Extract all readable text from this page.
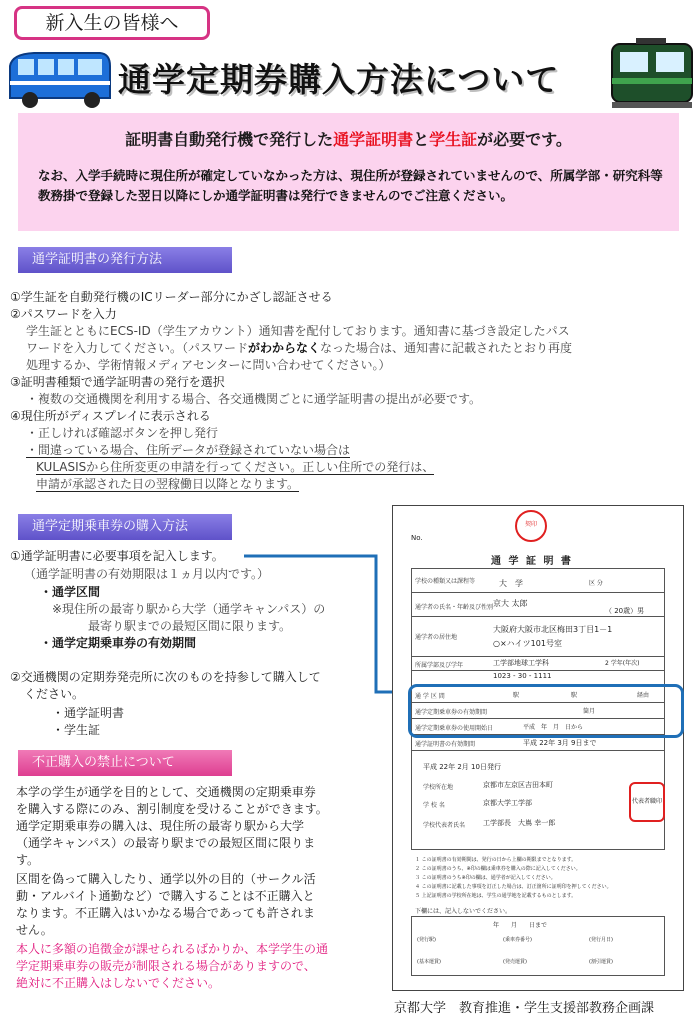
新入生の皆様へ
通学定期券購入方法について
証明書自動発行機で発行した通学証明書と学生証が必要です。
なお、入学手続時に現住所が確定していなかった方は、現住所が登録されていませんので、所属学部・研究科等教務掛で登録した翌日以降にしか通学証明書は発行できませんのでご注意ください。
通学証明書の発行方法
①学生証を自動発行機のICリーダー部分にかざし認証させる
②パスワードを入力
学生証とともにECS-ID（学生アカウント）通知書を配付しております。通知書に基づき設定したパス
ワードを入力してください。（パスワードがわからなくなった場合は、通知書に記載されたとおり再度
処理するか、学術情報メディアセンターに問い合わせてください。）
③証明書種類で通学証明書の発行を選択
・複数の交通機関を利用する場合、各交通機関ごとに通学証明書の提出が必要です。
④現住所がディスプレイに表示される
・正しければ確認ボタンを押し発行
・間違っている場合、住所データが登録されていない場合は
KULASISから住所変更の申請を行ってください。正しい住所での発行は、
申請が承認された日の翌稼働日以降となります。
通学定期乗車券の購入方法
①通学証明書に必要事項を記入します。
（通学証明書の有効期限は１ヵ月以内です。）
・通学区間
※現住所の最寄り駅から大学（通学キャンパス）の
最寄り駅までの最短区間に限ります。
・通学定期乗車券の有効期間
②交通機関の定期券発売所に次のものを持参して購入して
ください。
・通学証明書
・学生証
不正購入の禁止について
本学の学生が通学を目的として、交通機関の定期乗車券
を購入する際にのみ、割引制度を受けることができます。
通学定期乗車券の購入は、現住所の最寄り駅から大学
（通学キャンパス）の最寄り駅までの最短区間に限りま
す。
区間を偽って購入したり、通学以外の目的（サークル活
動・アルバイト通勤など）で購入することは不正購入と
なります。不正購入はいかなる場合であっても許されま
せん。
本人に多額の追徴金が課せられるばかりか、本学学生の通
学定期乗車券の販売が制限される場合がありますので、
絶対に不正購入はしないでください。
No.
契印
通 学 証 明 書
学校の種類又は課程等	大　学	区 分
通学者の氏名・年齢及び性別 京大 太郎
（ 20歳）男
通学者の居住地
大阪府大阪市北区梅田3丁目1－1
○×ハイツ101号室
所属学部及び学年	工学部地球工学科	2 学年(年次)
1023 - 30 - 1111
通 学 区 間	駅	駅	経由
通学定期乗車券の有効期間	箇月
通学定期乗車券の使用開始日	平成　年　月　日から
通学証明書の有効期間	平成 22年 3月 9日まで
平成 22年 2月 10日発行
学校所在地	京都市左京区吉田本町
学 校 名	京都大学工学部
学校代表者氏名	工学部長　大嶌 幸一郎
代表者職印
１ この証明書の有効期間は、発行の日から上欄の期限までとなります。
２ この証明書のうち、※印の欄は乗車券を購入の際に記入してください。
３ この証明書のうち※印の欄は、通学者が記入してください。
４ この証明書に記載した事項を訂正した場合は、訂正箇所に証明印を押してください。
５ 上記証明書の学校所在地は、学生の通学地を記載するものとします。
下欄には、記入しないでください。
年　　月　　日まで
(発行駅)	(乗車券番号)	(発行月日)
(基本運賃)	(発売運賃)	(割引運賃)
京都大学　教育推進・学生支援部教務企画課
